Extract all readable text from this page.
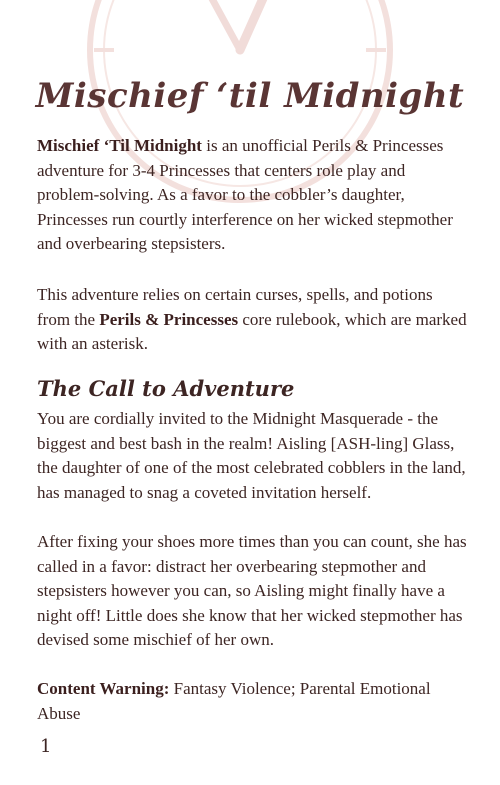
Mischief ‘til Midnight

Mischief ‘Til Midnight is an unofficial Perils & Princesses adventure for 3-4 Princesses that centers role play and problem-solving. As a favor to the cobbler’s daughter, Princesses run courtly interference on her wicked stepmother and overbearing stepsisters.

This adventure relies on certain curses, spells, and potions from the Perils & Princesses core rulebook, which are marked with an asterisk.

The Call to Adventure

You are cordially invited to the Midnight Masquerade - the biggest and best bash in the realm! Aisling [ASH-ling] Glass, the daughter of one of the most celebrated cobblers in the land, has managed to snag a coveted invitation herself.

After fixing your shoes more times than you can count, she has called in a favor: distract her overbearing stepmother and stepsisters however you can, so Aisling might finally have a night off! Little does she know that her wicked stepmother has devised some mischief of her own.

Content Warning: Fantasy Violence; Parental Emotional Abuse

1
